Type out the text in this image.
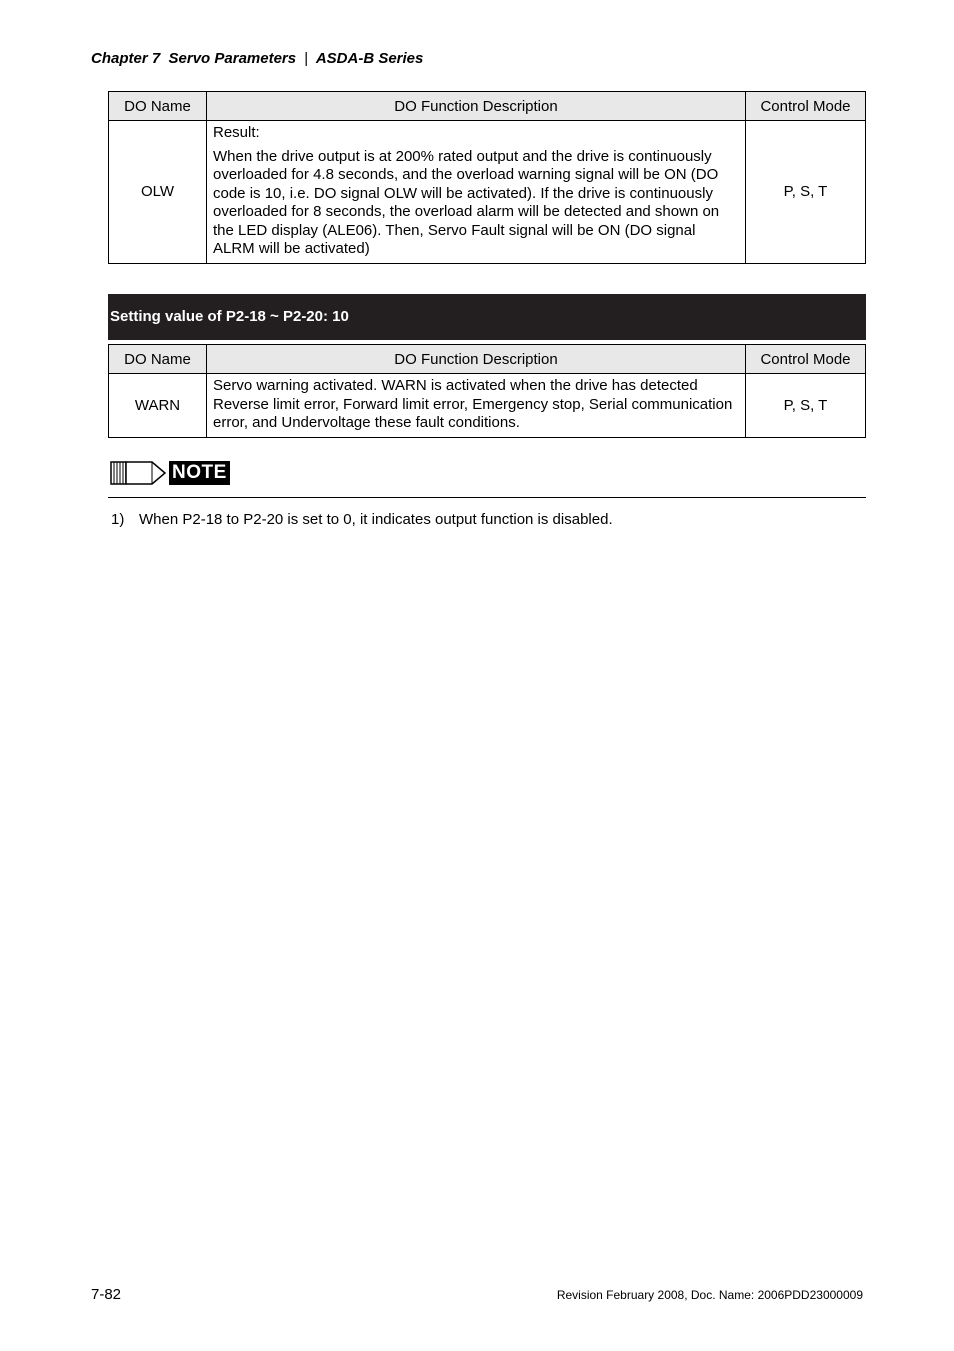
Chapter 7 Servo Parameters | ASDA-B Series
DO Name	DO Function Description	Control Mode
OLW	Result:

When the drive output is at 200% rated output and the drive is continuously overloaded for 4.8 seconds, and the overload warning signal will be ON (DO code is 10, i.e. DO signal OLW will be activated). If the drive is continuously overloaded for 8 seconds, the overload alarm will be detected and shown on the LED display (ALE06). Then, Servo Fault signal will be ON (DO signal ALRM will be activated)	P, S, T
Setting value of P2-18 ~ P2-20: 10
DO Name	DO Function Description	Control Mode
WARN	Servo warning activated. WARN is activated when the drive has detected Reverse limit error, Forward limit error, Emergency stop, Serial communication error, and Undervoltage these fault conditions.	P, S, T
NOTE
1) When P2-18 to P2-20 is set to 0, it indicates output function is disabled.
7-82	Revision February 2008, Doc. Name: 2006PDD23000009
